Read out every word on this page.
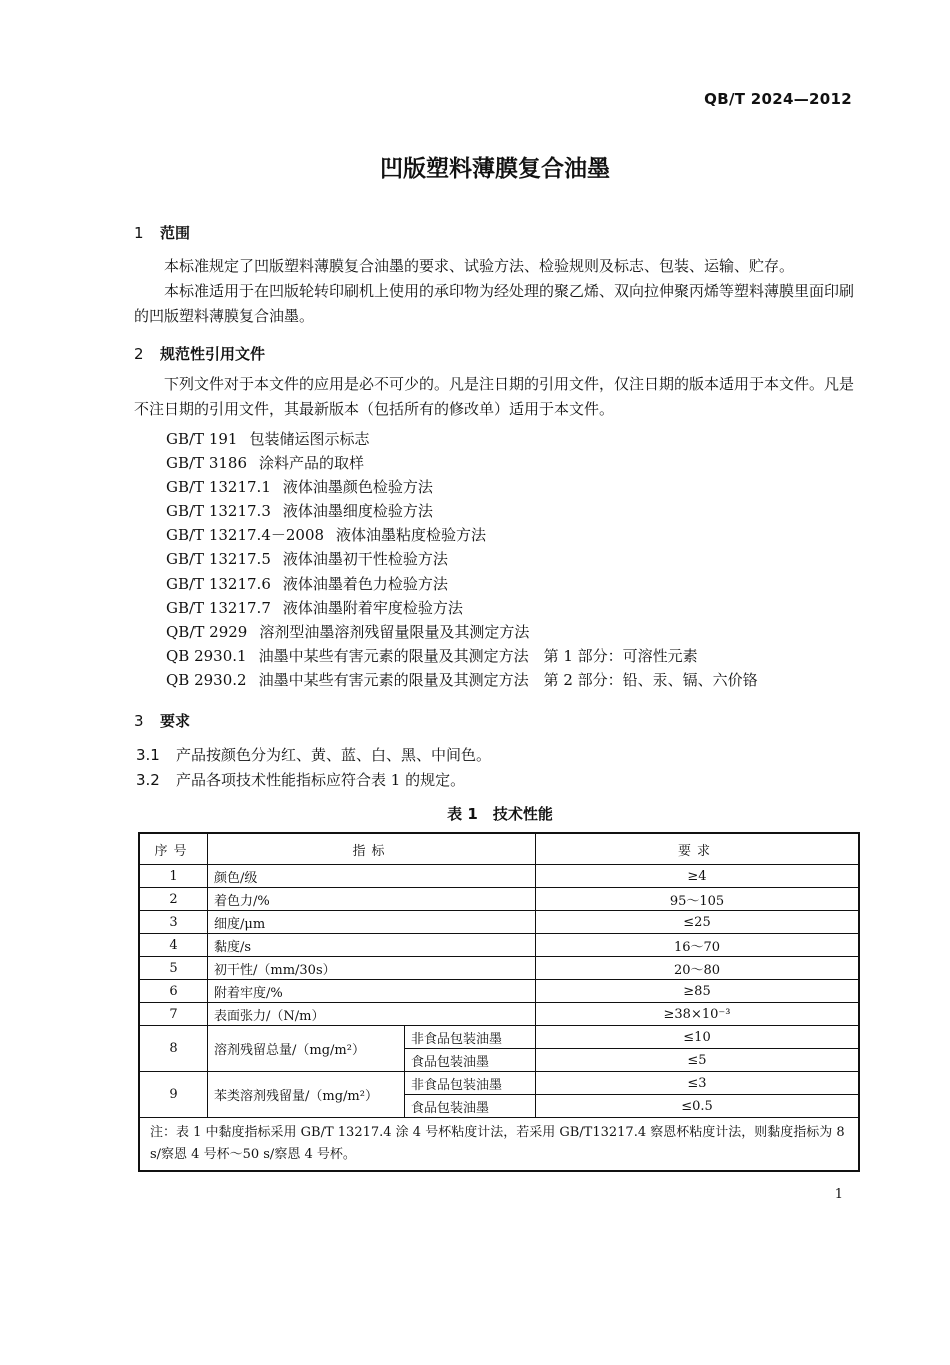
QB/T 2024—2012
凹版塑料薄膜复合油墨
1 范围
本标准规定了凹版塑料薄膜复合油墨的要求、试验方法、检验规则及标志、包装、运输、贮存。
本标准适用于在凹版轮转印刷机上使用的承印物为经处理的聚乙烯、双向拉伸聚丙烯等塑料薄膜里面印刷的凹版塑料薄膜复合油墨。
2 规范性引用文件
下列文件对于本文件的应用是必不可少的。凡是注日期的引用文件，仅注日期的版本适用于本文件。凡是不注日期的引用文件，其最新版本（包括所有的修改单）适用于本文件。
GB/T 191 包装储运图示标志
GB/T 3186 涂料产品的取样
GB/T 13217.1 液体油墨颜色检验方法
GB/T 13217.3 液体油墨细度检验方法
GB/T 13217.4－2008 液体油墨粘度检验方法
GB/T 13217.5 液体油墨初干性检验方法
GB/T 13217.6 液体油墨着色力检验方法
GB/T 13217.7 液体油墨附着牢度检验方法
QB/T 2929 溶剂型油墨溶剂残留量限量及其测定方法
QB 2930.1 油墨中某些有害元素的限量及其测定方法　第 1 部分：可溶性元素
QB 2930.2 油墨中某些有害元素的限量及其测定方法　第 2 部分：铅、汞、镉、六价铬
3 要求
3.1 产品按颜色分为红、黄、蓝、白、黑、中间色。
3.2 产品各项技术性能指标应符合表 1 的规定。
表 1　技术性能
序号	指标		要求
1	颜色/级		≥4
2	着色力/%		95～105
3	细度/μm		≤25
4	黏度/s		16～70
5	初干性/（mm/30s）		20～80
6	附着牢度/%		≥85
7	表面张力/（N/m）		≥38×10⁻³
8	溶剂残留总量/（mg/m²）	非食品包装油墨	≤10
		食品包装油墨	≤5
9	苯类溶剂残留量/（mg/m²）	非食品包装油墨	≤3
		食品包装油墨	≤0.5
注：表 1 中黏度指标采用 GB/T 13217.4 涂 4 号杯粘度计法，若采用 GB/T13217.4 察恩杯粘度计法，则黏度指标为 8 s/察恩 4 号杯～50 s/察恩 4 号杯。			
1
